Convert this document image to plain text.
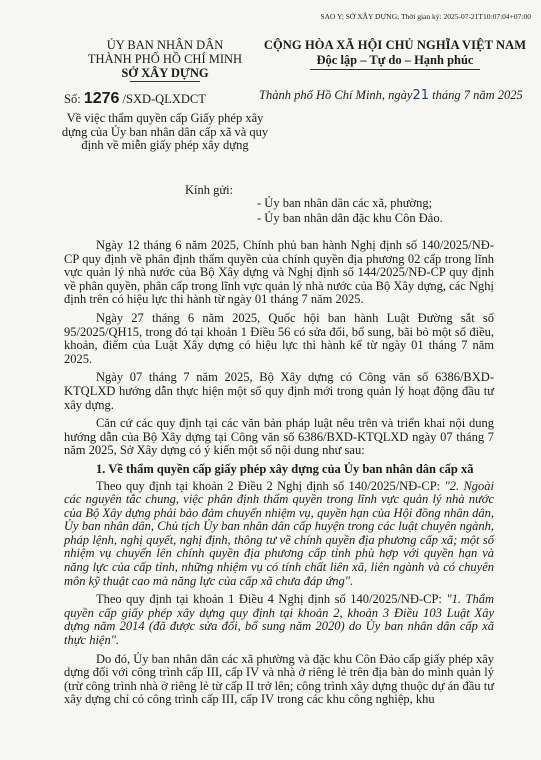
SAO Y; SỞ XÂY DỰNG; Thời gian ký: 2025-07-21T10:07:04+07:00
ỦY BAN NHÂN DÂN
THÀNH PHỐ HỒ CHÍ MINH
SỞ XÂY DỰNG
Số: 1276 /SXD-QLXDCT
Về việc thẩm quyền cấp Giấy phép xây dựng của Ủy ban nhân dân cấp xã và quy định về miễn giấy phép xây dựng
CỘNG HÒA XÃ HỘI CHỦ NGHĨA VIỆT NAM
Độc lập – Tự do – Hạnh phúc
Thành phố Hồ Chí Minh, ngày21 tháng 7 năm 2025
Kính gửi:
- Ủy ban nhân dân các xã, phường;
- Ủy ban nhân dân đặc khu Côn Đảo.

Ngày 12 tháng 6 năm 2025, Chính phủ ban hành Nghị định số 140/2025/NĐ-CP quy định về phân định thẩm quyền của chính quyền địa phương 02 cấp trong lĩnh vực quản lý nhà nước của Bộ Xây dựng và Nghị định số 144/2025/NĐ-CP quy định về phân quyền, phân cấp trong lĩnh vực quản lý nhà nước của Bộ Xây dựng, các Nghị định trên có hiệu lực thi hành từ ngày 01 tháng 7 năm 2025.

Ngày 27 tháng 6 năm 2025, Quốc hội ban hành Luật Đường sắt số 95/2025/QH15, trong đó tại khoản 1 Điều 56 có sửa đổi, bổ sung, bãi bỏ một số điều, khoản, điểm của Luật Xây dựng có hiệu lực thi hành kể từ ngày 01 tháng 7 năm 2025.

Ngày 07 tháng 7 năm 2025, Bộ Xây dựng có Công văn số 6386/BXD-KTQLXD hướng dẫn thực hiện một số quy định mới trong quản lý hoạt động đầu tư xây dựng.

Căn cứ các quy định tại các văn bản pháp luật nêu trên và triển khai nội dung hướng dẫn của Bộ Xây dựng tại Công văn số 6386/BXD-KTQLXD ngày 07 tháng 7 năm 2025, Sở Xây dựng có ý kiến một số nội dung như sau:

1. Về thẩm quyền cấp giấy phép xây dựng của Ủy ban nhân dân cấp xã

Theo quy định tại khoản 2 Điều 2 Nghị định số 140/2025/NĐ-CP: "2. Ngoài các nguyên tắc chung, việc phân định thẩm quyền trong lĩnh vực quản lý nhà nước của Bộ Xây dựng phải bảo đảm chuyển nhiệm vụ, quyền hạn của Hội đồng nhân dân, Ủy ban nhân dân, Chủ tịch Ủy ban nhân dân cấp huyện trong các luật chuyên ngành, pháp lệnh, nghị quyết, nghị định, thông tư về chính quyền địa phương cấp xã; một số nhiệm vụ chuyển lên chính quyền địa phương cấp tỉnh phù hợp với quyền hạn và năng lực của cấp tỉnh, những nhiệm vụ có tính chất liên xã, liên ngành và có chuyên môn kỹ thuật cao mà năng lực của cấp xã chưa đáp ứng".

Theo quy định tại khoản 1 Điều 4 Nghị định số 140/2025/NĐ-CP: "1. Thẩm quyền cấp giấy phép xây dựng quy định tại khoản 2, khoản 3 Điều 103 Luật Xây dựng năm 2014 (đã được sửa đổi, bổ sung năm 2020) do Ủy ban nhân dân cấp xã thực hiện".

Do đó, Ủy ban nhân dân các xã phường và đặc khu Côn Đảo cấp giấy phép xây dựng đối với công trình cấp III, cấp IV và nhà ở riêng lẻ trên địa bàn do mình quản lý (trừ công trình nhà ở riêng lẻ từ cấp II trở lên; công trình xây dựng thuộc dự án đầu tư xây dựng chỉ có công trình cấp III, cấp IV trong các khu công nghiệp, khu
